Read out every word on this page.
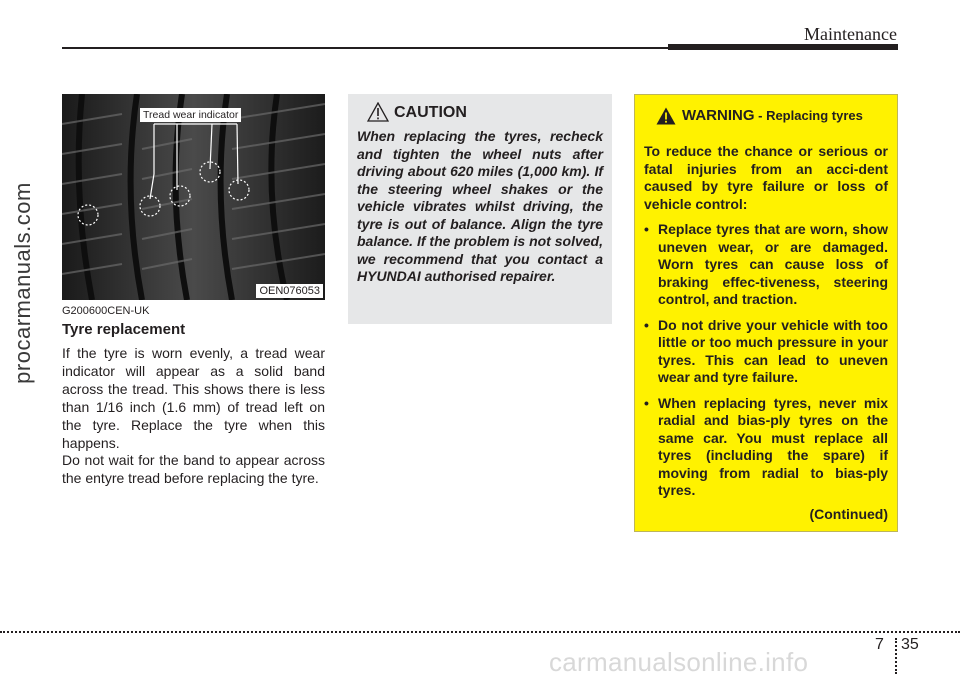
Maintenance
procarmanuals.com
Tread wear indicator
OEN076053
G200600CEN-UK
Tyre replacement
If the tyre is worn evenly, a tread wear indicator will appear as a solid band across the tread. This shows there is less than 1/16 inch (1.6 mm) of tread left on the tyre. Replace the tyre when this happens.
Do not wait for the band to appear across the entyre tread before replacing the tyre.
CAUTION
When replacing the tyres, recheck and tighten the wheel nuts after driving about 620 miles (1,000 km). If the steering wheel shakes or the vehicle vibrates whilst driving, the tyre is out of balance. Align the tyre balance. If the problem is not solved, we recommend that you contact a HYUNDAI authorised repairer.
WARNING - Replacing tyres
To reduce the chance or serious or fatal injuries from an acci-dent caused by tyre failure or loss of vehicle control:
• Replace tyres that are worn, show uneven wear, or are damaged. Worn tyres can cause loss of braking effec-tiveness, steering control, and traction.
• Do not drive your vehicle with too little or too much pressure in your tyres. This can lead to uneven wear and tyre failure.
• When replacing tyres, never mix radial and bias-ply tyres on the same car. You must replace all tyres (including the spare) if moving from radial to bias-ply tyres.
(Continued)
7 35
carmanualsonline.info
